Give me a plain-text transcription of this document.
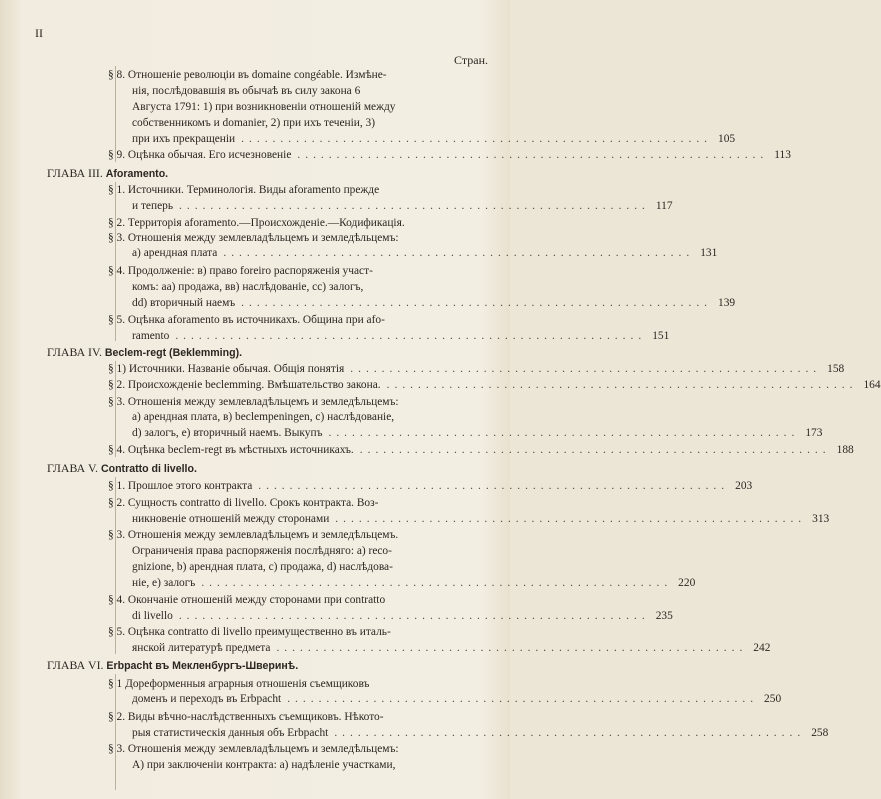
II
Стран.
§ 8. Отношенiе революцiи въ domaine congéable. Измѣне-
нiя, послѣдовавшiя въ обычаѣ въ силу закона 6
Августа 1791: 1) при возникновенiи отношенiй между
собственникомъ и domanier, 2) при ихъ теченiи, 3)
при ихъ прекращенiи ............................................................ 105
§ 9. Оцѣнка обычая. Его исчезновенiе ............................................................ 113
ГЛАВА III. Aforamento.
§ 1. Источники. Терминологiя. Виды aforamento прежде
и теперь ............................................................ 117
§ 2. Территорiя aforamento.—Происхожденiе.—Кодификацiя.
§ 3. Отношенiя между землевладѣльцемъ и земледѣльцемъ:
а) арендная плата ............................................................ 131
§ 4. Продолженiе: в) право foreiro распоряженiя участ-
комъ: аа) продажа, вв) наслѣдованiе, сс) залогъ,
dd) вторичный наемъ ............................................................ 139
§ 5. Оцѣнка aforamento въ источникахъ. Община при afo-
ramento ............................................................ 151
ГЛАВА IV. Beclem-regt (Beklemming).
§ 1) Источники. Названiе обычая. Общiя понятiя ............................................................ 158
§ 2. Происхожденiе beclemming. Вмѣшательство закона. ............................................................ 164
§ 3. Отношенiя между землевладѣльцемъ и земледѣльцемъ:
а) арендная плата, в) beclempeningen, с) наслѣдованiе,
d) залогъ, е) вторичный наемъ. Выкупъ ............................................................ 173
§ 4. Оцѣнка beclem-regt въ мѣстныхъ источникахъ. ............................................................ 188
ГЛАВА V. Contratto di livello.
§ 1. Прошлое этого контракта ............................................................ 203
§ 2. Сущность contratto di livello. Срокъ контракта. Воз-
никновенiе отношенiй между сторонами ............................................................ 313
§ 3. Отношенiя между землевладѣльцемъ и земледѣльцемъ.
Ограниченiя права распоряженiя послѣдняго: а) reco-
gnizione, b) арендная плата, с) продажа, d) наслѣдова-
нiе, е) залогъ ............................................................ 220
§ 4. Окончанiе отношенiй между сторонами при contratto
di livello ............................................................ 235
§ 5. Оцѣнка contratto di livello преимущественно въ италь-
янской литературѣ предмета ............................................................ 242
ГЛАВА VI. Erbpacht въ Мекленбургъ-Шверинѣ.
§ 1 Дореформенныя аграрныя отношенiя съемщиковъ
доменъ и переходъ въ Erbpacht ............................................................ 250
§ 2. Виды вѣчно-наслѣдственныхъ съемщиковъ. Нѣкото-
рыя статистическiя данныя объ Erbpacht ............................................................ 258
§ 3. Отношенiя между землевладѣльцемъ и земледѣльцемъ:
А) при заключенiи контракта: а) надѣленiе участками,
